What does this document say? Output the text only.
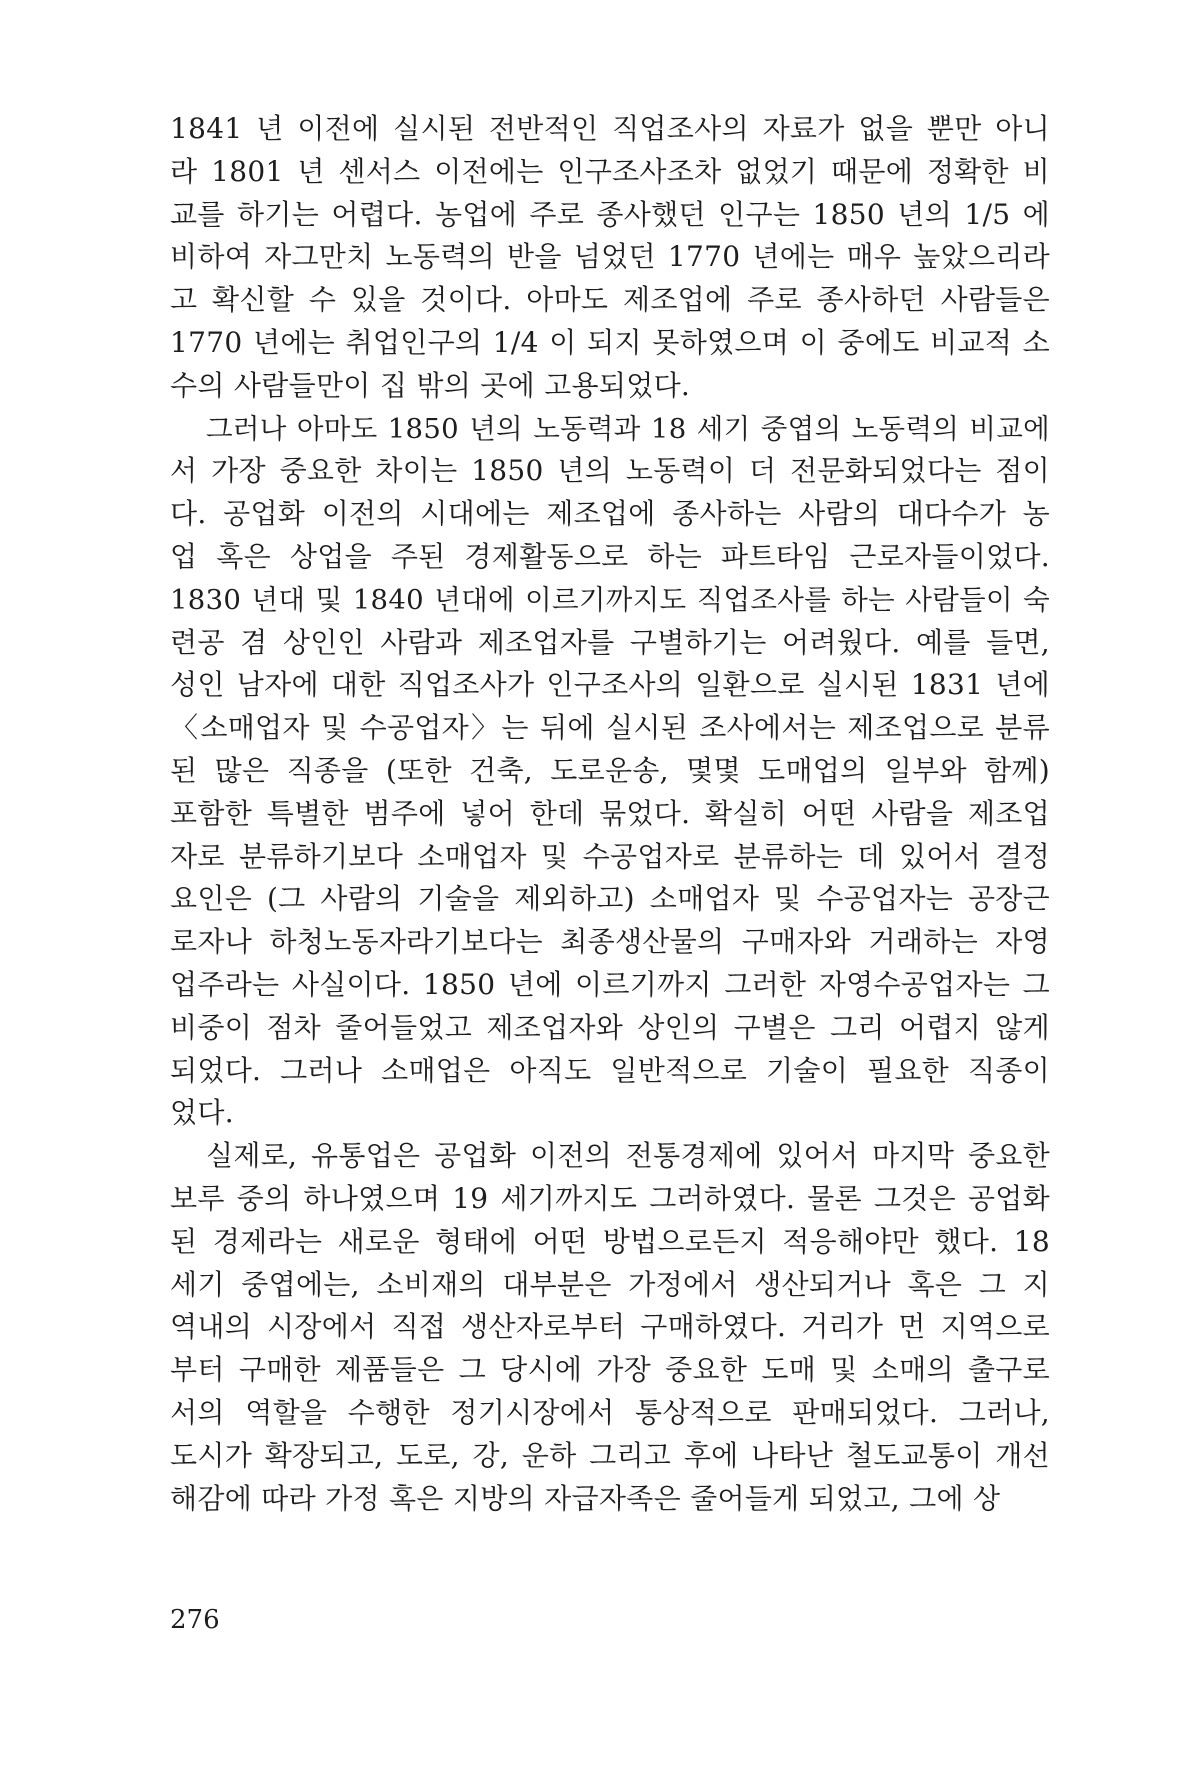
1841 년 이전에 실시된 전반적인 직업조사의 자료가 없을 뿐만 아니
라 1801 년 센서스 이전에는 인구조사조차 없었기 때문에 정확한 비
교를 하기는 어렵다. 농업에 주로 종사했던 인구는 1850 년의 1/5 에
비하여 자그만치 노동력의 반을 넘었던 1770 년에는 매우 높았으리라
고 확신할 수 있을 것이다. 아마도 제조업에 주로 종사하던 사람들은
1770 년에는 취업인구의 1/4 이 되지 못하였으며 이 중에도 비교적 소
수의 사람들만이 집 밖의 곳에 고용되었다.
그러나 아마도 1850 년의 노동력과 18 세기 중엽의 노동력의 비교에
서 가장 중요한 차이는 1850 년의 노동력이 더 전문화되었다는 점이
다. 공업화 이전의 시대에는 제조업에 종사하는 사람의 대다수가 농
업 혹은 상업을 주된 경제활동으로 하는 파트타임 근로자들이었다.
1830 년대 및 1840 년대에 이르기까지도 직업조사를 하는 사람들이 숙
련공 겸 상인인 사람과 제조업자를 구별하기는 어려웠다. 예를 들면,
성인 남자에 대한 직업조사가 인구조사의 일환으로 실시된 1831 년에
〈소매업자 및 수공업자〉는 뒤에 실시된 조사에서는 제조업으로 분류
된 많은 직종을 (또한 건축, 도로운송, 몇몇 도매업의 일부와 함께)
포함한 특별한 범주에 넣어 한데 묶었다. 확실히 어떤 사람을 제조업
자로 분류하기보다 소매업자 및 수공업자로 분류하는 데 있어서 결정
요인은 (그 사람의 기술을 제외하고) 소매업자 및 수공업자는 공장근
로자나 하청노동자라기보다는 최종생산물의 구매자와 거래하는 자영
업주라는 사실이다. 1850 년에 이르기까지 그러한 자영수공업자는 그
비중이 점차 줄어들었고 제조업자와 상인의 구별은 그리 어렵지 않게
되었다. 그러나 소매업은 아직도 일반적으로 기술이 필요한 직종이
었다.
실제로, 유통업은 공업화 이전의 전통경제에 있어서 마지막 중요한
보루 중의 하나였으며 19 세기까지도 그러하였다. 물론 그것은 공업화
된 경제라는 새로운 형태에 어떤 방법으로든지 적응해야만 했다. 18
세기 중엽에는, 소비재의 대부분은 가정에서 생산되거나 혹은 그 지
역내의 시장에서 직접 생산자로부터 구매하였다. 거리가 먼 지역으로
부터 구매한 제품들은 그 당시에 가장 중요한 도매 및 소매의 출구로
서의 역할을 수행한 정기시장에서 통상적으로 판매되었다. 그러나,
도시가 확장되고, 도로, 강, 운하 그리고 후에 나타난 철도교통이 개선
해감에 따라 가정 혹은 지방의 자급자족은 줄어들게 되었고, 그에 상
276
